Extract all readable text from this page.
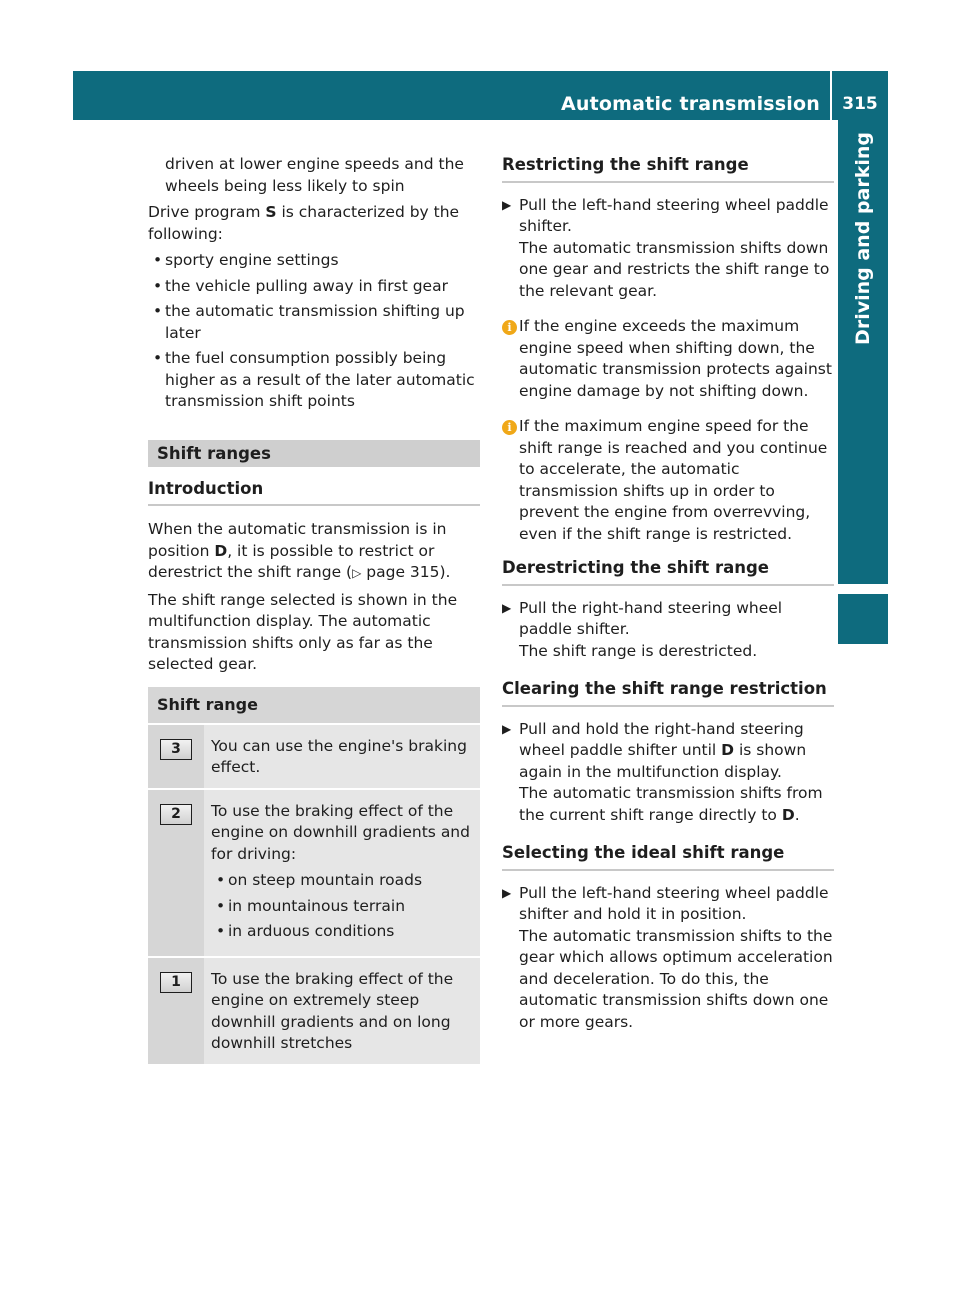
Automatic transmission	315
Driving and parking

driven at lower engine speeds and the wheels being less likely to spin

Drive program S is characterized by the following:

• sporty engine settings
• the vehicle pulling away in first gear
• the automatic transmission shifting up later
• the fuel consumption possibly being higher as a result of the later automatic transmission shift points
Shift ranges
Introduction

When the automatic transmission is in position D, it is possible to restrict or derestrict the shift range (▷ page 315).

The shift range selected is shown in the multifunction display. The automatic transmission shifts only as far as the selected gear.

Shift range	
3	You can use the engine's braking effect.
2	To use the braking effect of the engine on downhill gradients and for driving:

• on steep mountain roads
• in mountainous terrain
• in arduous conditions

1	To use the braking effect of the engine on extremely steep downhill gradients and on long downhill stretches
Restricting the shift range
▶ Pull the left-hand steering wheel paddle shifter.
The automatic transmission shifts down one gear and restricts the shift range to the relevant gear.
i If the engine exceeds the maximum engine speed when shifting down, the automatic transmission protects against engine damage by not shifting down.
i If the maximum engine speed for the shift range is reached and you continue to accelerate, the automatic transmission shifts up in order to prevent the engine from overrevving, even if the shift range is restricted.
Derestricting the shift range
▶ Pull the right-hand steering wheel paddle shifter.
The shift range is derestricted.
Clearing the shift range restriction
▶ Pull and hold the right-hand steering wheel paddle shifter until D is shown again in the multifunction display.
The automatic transmission shifts from the current shift range directly to D.
Selecting the ideal shift range
▶ Pull the left-hand steering wheel paddle shifter and hold it in position.
The automatic transmission shifts to the gear which allows optimum acceleration and deceleration. To do this, the automatic transmission shifts down one or more gears.
